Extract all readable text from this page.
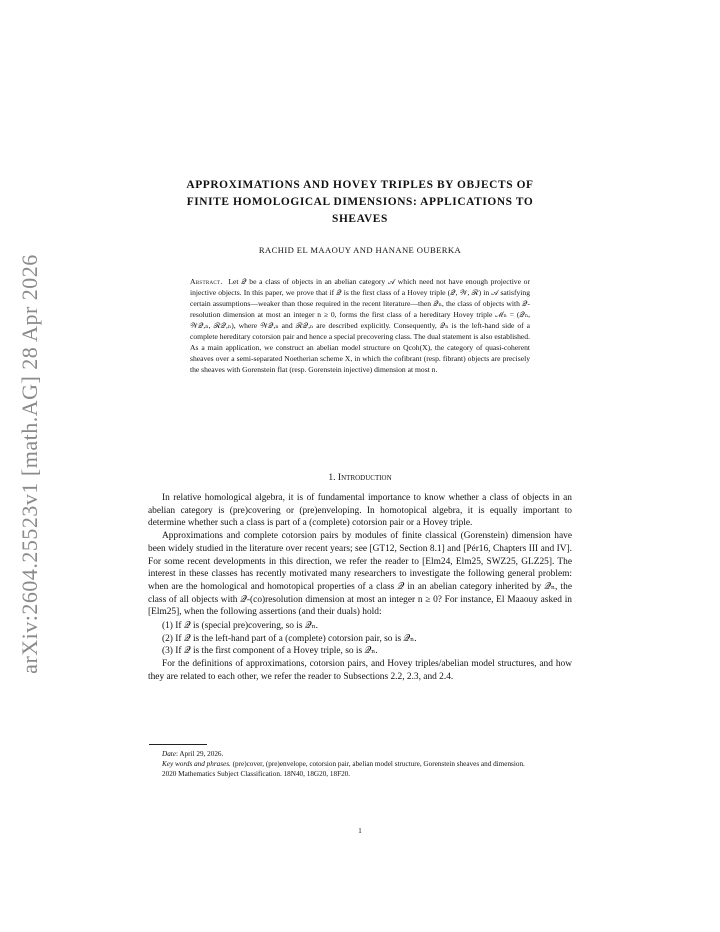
arXiv:2604.25523v1 [math.AG] 28 Apr 2026
APPROXIMATIONS AND HOVEY TRIPLES BY OBJECTS OF
FINITE HOMOLOGICAL DIMENSIONS: APPLICATIONS TO
SHEAVES
RACHID EL MAAOUY AND HANANE OUBERKA
Abstract. Let 𝒬 be a class of objects in an abelian category 𝒜 which need not have enough projective or injective objects. In this paper, we prove that if 𝒬 is the first class of a Hovey triple (𝒬, 𝒲, ℛ) in 𝒜 satisfying certain assumptions—weaker than those required in the recent literature—then 𝒬ₙ, the class of objects with 𝒬-resolution dimension at most an integer n ≥ 0, forms the first class of a hereditary Hovey triple ℳₙ = (𝒬ₙ, 𝒲𝒬,ₙ, ℛ𝒬,ₙ), where 𝒲𝒬,ₙ and ℛ𝒬,ₙ are described explicitly. Consequently, 𝒬ₙ is the left-hand side of a complete hereditary cotorsion pair and hence a special precovering class. The dual statement is also established. As a main application, we construct an abelian model structure on Qcoh(X), the category of quasi-coherent sheaves over a semi-separated Noetherian scheme X, in which the cofibrant (resp. fibrant) objects are precisely the sheaves with Gorenstein flat (resp. Gorenstein injective) dimension at most n.
1. Introduction

In relative homological algebra, it is of fundamental importance to know whether a class of objects in an abelian category is (pre)covering or (pre)enveloping. In homotopical algebra, it is equally important to determine whether such a class is part of a (complete) cotorsion pair or a Hovey triple.

Approximations and complete cotorsion pairs by modules of finite classical (Gorenstein) dimension have been widely studied in the literature over recent years; see [GT12, Section 8.1] and [Pér16, Chapters III and IV]. For some recent developments in this direction, we refer the reader to [Elm24, Elm25, SWZ25, GLZ25]. The interest in these classes has recently motivated many researchers to investigate the following general problem: when are the homological and homotopical properties of a class 𝒬 in an abelian category inherited by 𝒬ₙ, the class of all objects with 𝒬-(co)resolution dimension at most an integer n ≥ 0? For instance, El Maaouy asked in [Elm25], when the following assertions (and their duals) hold:

(1) If 𝒬 is (special pre)covering, so is 𝒬ₙ.
(2) If 𝒬 is the left-hand part of a (complete) cotorsion pair, so is 𝒬ₙ.
(3) If 𝒬 is the first component of a Hovey triple, so is 𝒬ₙ.

For the definitions of approximations, cotorsion pairs, and Hovey triples/abelian model structures, and how they are related to each other, we refer the reader to Subsections 2.2, 2.3, and 2.4.

Date: April 29, 2026.

Key words and phrases. (pre)cover, (pre)envelope, cotorsion pair, abelian model structure, Gorenstein sheaves and dimension.

2020 Mathematics Subject Classification. 18N40, 18G20, 18F20.

1
